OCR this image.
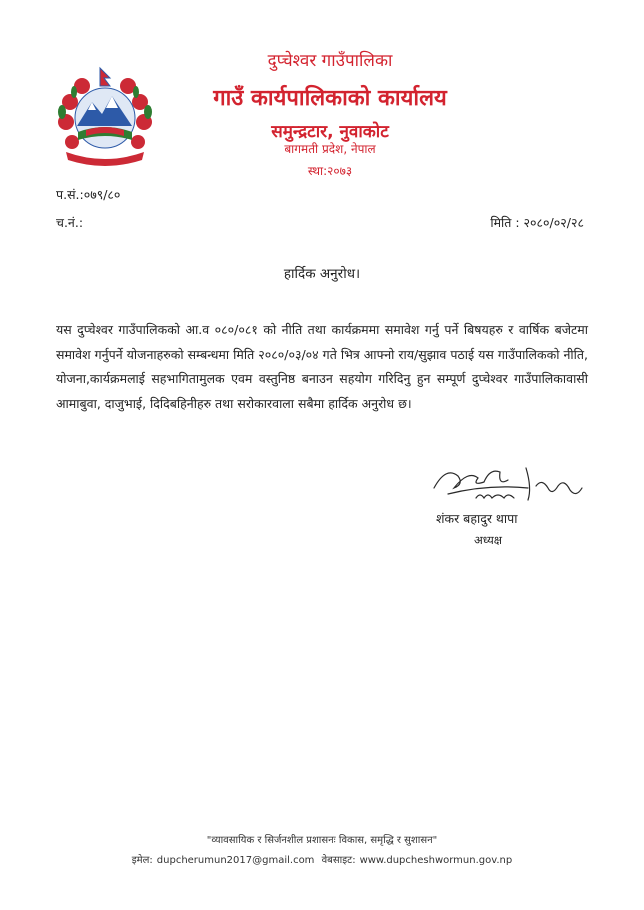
दुप्चेश्वर गाउँपालिका
गाउँ कार्यपालिकाको कार्यालय
समुन्द्रटार, नुवाकोट
बागमती प्रदेश, नेपाल
स्था:२०७३
प.सं.:०७९/८०
च.नं.:	मिति : २०८०/०२/२८
हार्दिक अनुरोध।
यस दुप्चेश्वर गाउँपालिकको आ.व ०८०/०८१ को नीति तथा कार्यक्रममा समावेश गर्नु पर्ने बिषयहरु र वार्षिक बजेटमा समावेश गर्नुपर्ने योजनाहरुको सम्बन्धमा मिति २०८०/०३/०४ गते भित्र आफ्नो राय/सुझाव पठाई यस गाउँपालिकको नीति, योजना,कार्यक्रमलाई सहभागितामुलक एवम वस्तुनिष्ठ बनाउन सहयोग गरिदिनु हुन सम्पूर्ण दुप्चेश्वर गाउँपालिकावासी आमाबुवा, दाजुभाई, दिदिबहिनीहरु तथा सरोकारवाला सबैमा हार्दिक अनुरोध छ।
शंकर बहादुर थापा
अध्यक्ष
"व्यावसायिक र सिर्जनशील प्रशासनः विकास, समृद्धि र सुशासन"
इमेल: dupcherumun2017@gmail.com वेबसाइट: www.dupcheshwormun.gov.np
